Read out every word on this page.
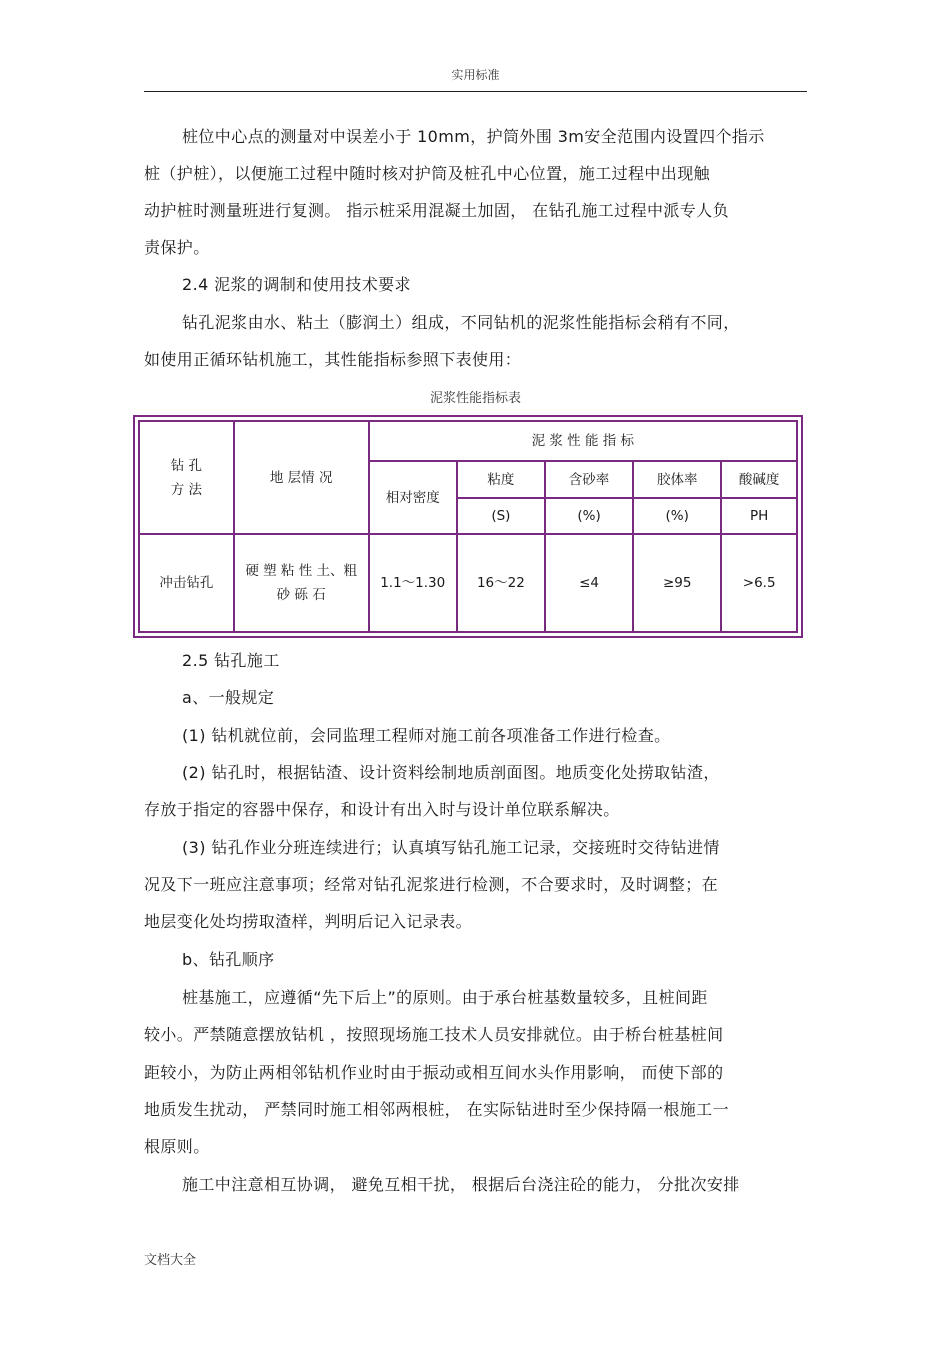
实用标准
桩位中心点的测量对中误差小于 10mm，护筒外围 3m安全范围内设置四个指示
桩（护桩），以便施工过程中随时核对护筒及桩孔中心位置，施工过程中出现触
动护桩时测量班进行复测。 指示桩采用混凝土加固， 在钻孔施工过程中派专人负
责保护。
2.4 泥浆的调制和使用技术要求
钻孔泥浆由水、粘土（膨润土）组成，不同钻机的泥浆性能指标会稍有不同，
如使用正循环钻机施工，其性能指标参照下表使用：
泥浆性能指标表
钻 孔
方 法	地 层情 况	泥 浆 性 能 指 标				
		相对密度	粘度	含砂率	胶体率	酸碱度
			(S)	(%)	(%)	PH
冲击钻孔	硬 塑 粘 性 土、粗
砂 砾 石	1.1～1.30	16～22	≤4	≥95	>6.5
2.5 钻孔施工
a、一般规定
(1) 钻机就位前，会同监理工程师对施工前各项准备工作进行检查。
(2) 钻孔时，根据钻渣、设计资料绘制地质剖面图。地质变化处捞取钻渣，
存放于指定的容器中保存，和设计有出入时与设计单位联系解决。
(3) 钻孔作业分班连续进行；认真填写钻孔施工记录，交接班时交待钻进情
况及下一班应注意事项；经常对钻孔泥浆进行检测，不合要求时，及时调整；在
地层变化处均捞取渣样，判明后记入记录表。
b、钻孔顺序
桩基施工，应遵循“先下后上”的原则。由于承台桩基数量较多，且桩间距
较小。严禁随意摆放钻机 ，按照现场施工技术人员安排就位。由于桥台桩基桩间
距较小，为防止两相邻钻机作业时由于振动或相互间水头作用影响， 而使下部的
地质发生扰动， 严禁同时施工相邻两根桩， 在实际钻进时至少保持隔一根施工一
根原则。
施工中注意相互协调， 避免互相干扰， 根据后台浇注砼的能力， 分批次安排
文档大全
